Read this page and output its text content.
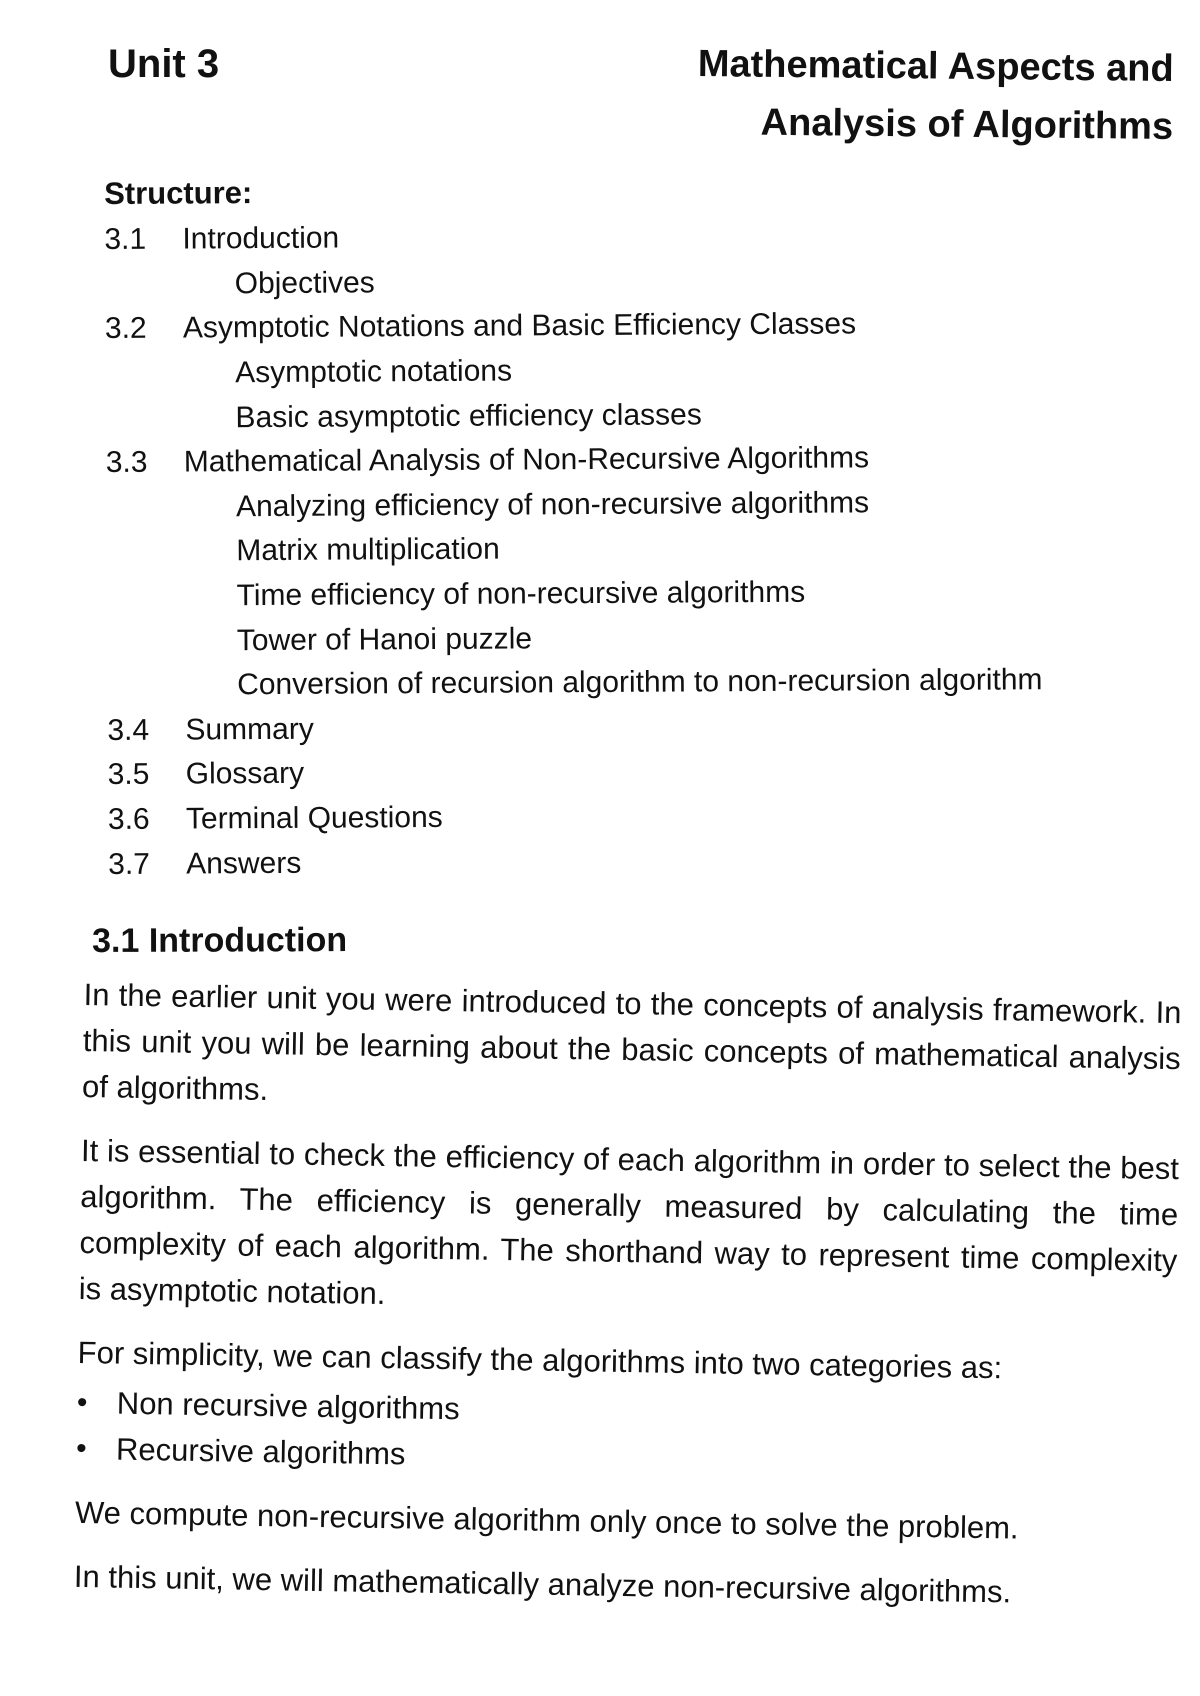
Unit 3	Mathematical Aspects and
Analysis of Algorithms
Structure:
3.1	Introduction
Objectives
3.2	Asymptotic Notations and Basic Efficiency Classes
Asymptotic notations
Basic asymptotic efficiency classes
3.3	Mathematical Analysis of Non-Recursive Algorithms
Analyzing efficiency of non-recursive algorithms
Matrix multiplication
Time efficiency of non-recursive algorithms
Tower of Hanoi puzzle
Conversion of recursion algorithm to non-recursion algorithm
3.4	Summary
3.5	Glossary
3.6	Terminal Questions
3.7	Answers
3.1 Introduction

In the earlier unit you were introduced to the concepts of analysis framework. In this unit you will be learning about the basic concepts of mathematical analysis of algorithms.

It is essential to check the efficiency of each algorithm in order to select the best algorithm. The efficiency is generally measured by calculating the time complexity of each algorithm. The shorthand way to represent time complexity is asymptotic notation.

For simplicity, we can classify the algorithms into two categories as:

• Non recursive algorithms
• Recursive algorithms

We compute non-recursive algorithm only once to solve the problem.

In this unit, we will mathematically analyze non-recursive algorithms.
